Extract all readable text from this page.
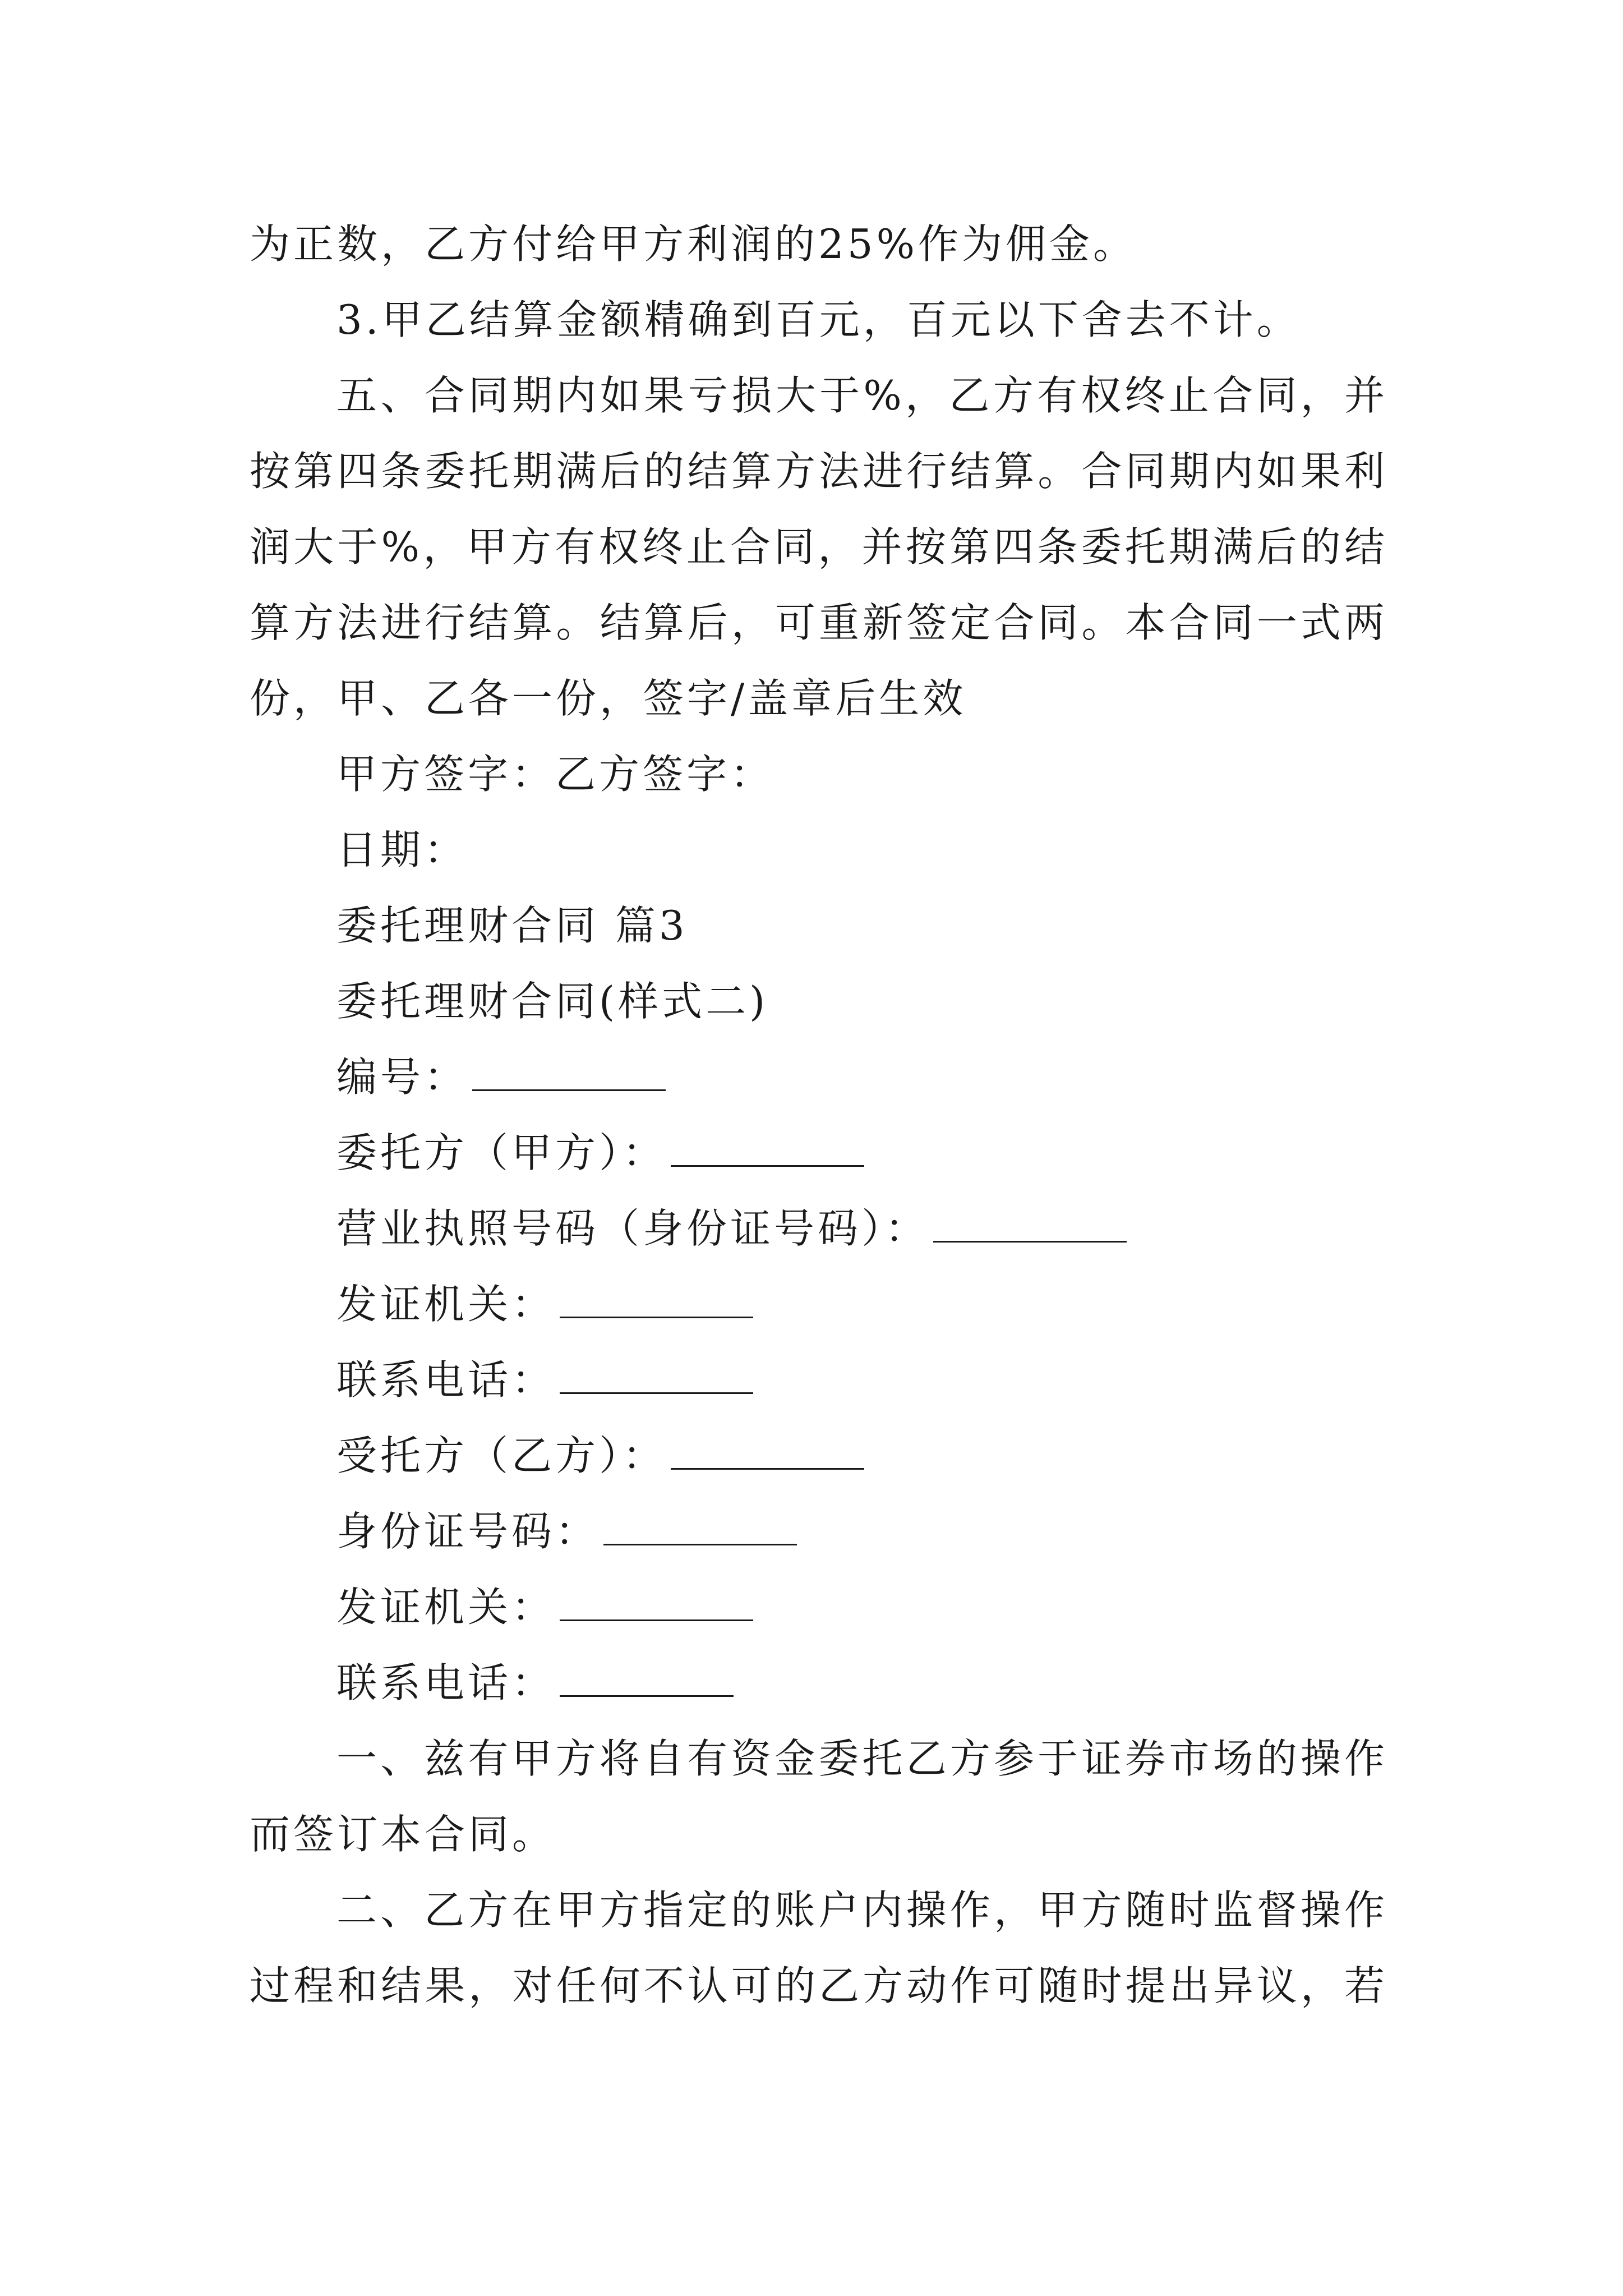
为正数，乙方付给甲方利润的25%作为佣金。

3.甲乙结算金额精确到百元，百元以下舍去不计。

五、合同期内如果亏损大于%，乙方有权终止合同，并

按第四条委托期满后的结算方法进行结算。合同期内如果利

润大于%，甲方有权终止合同，并按第四条委托期满后的结

算方法进行结算。结算后，可重新签定合同。本合同一式两

份，甲、乙各一份，签字/盖章后生效

甲方签字：乙方签字：

日期：

委托理财合同 篇3

委托理财合同(样式二)

编号：

委托方（甲方）：

营业执照号码（身份证号码）：

发证机关：

联系电话：

受托方（乙方）：

身份证号码：

发证机关：

联系电话：

一、兹有甲方将自有资金委托乙方参于证券市场的操作

而签订本合同。

二、乙方在甲方指定的账户内操作，甲方随时监督操作

过程和结果，对任何不认可的乙方动作可随时提出异议，若
